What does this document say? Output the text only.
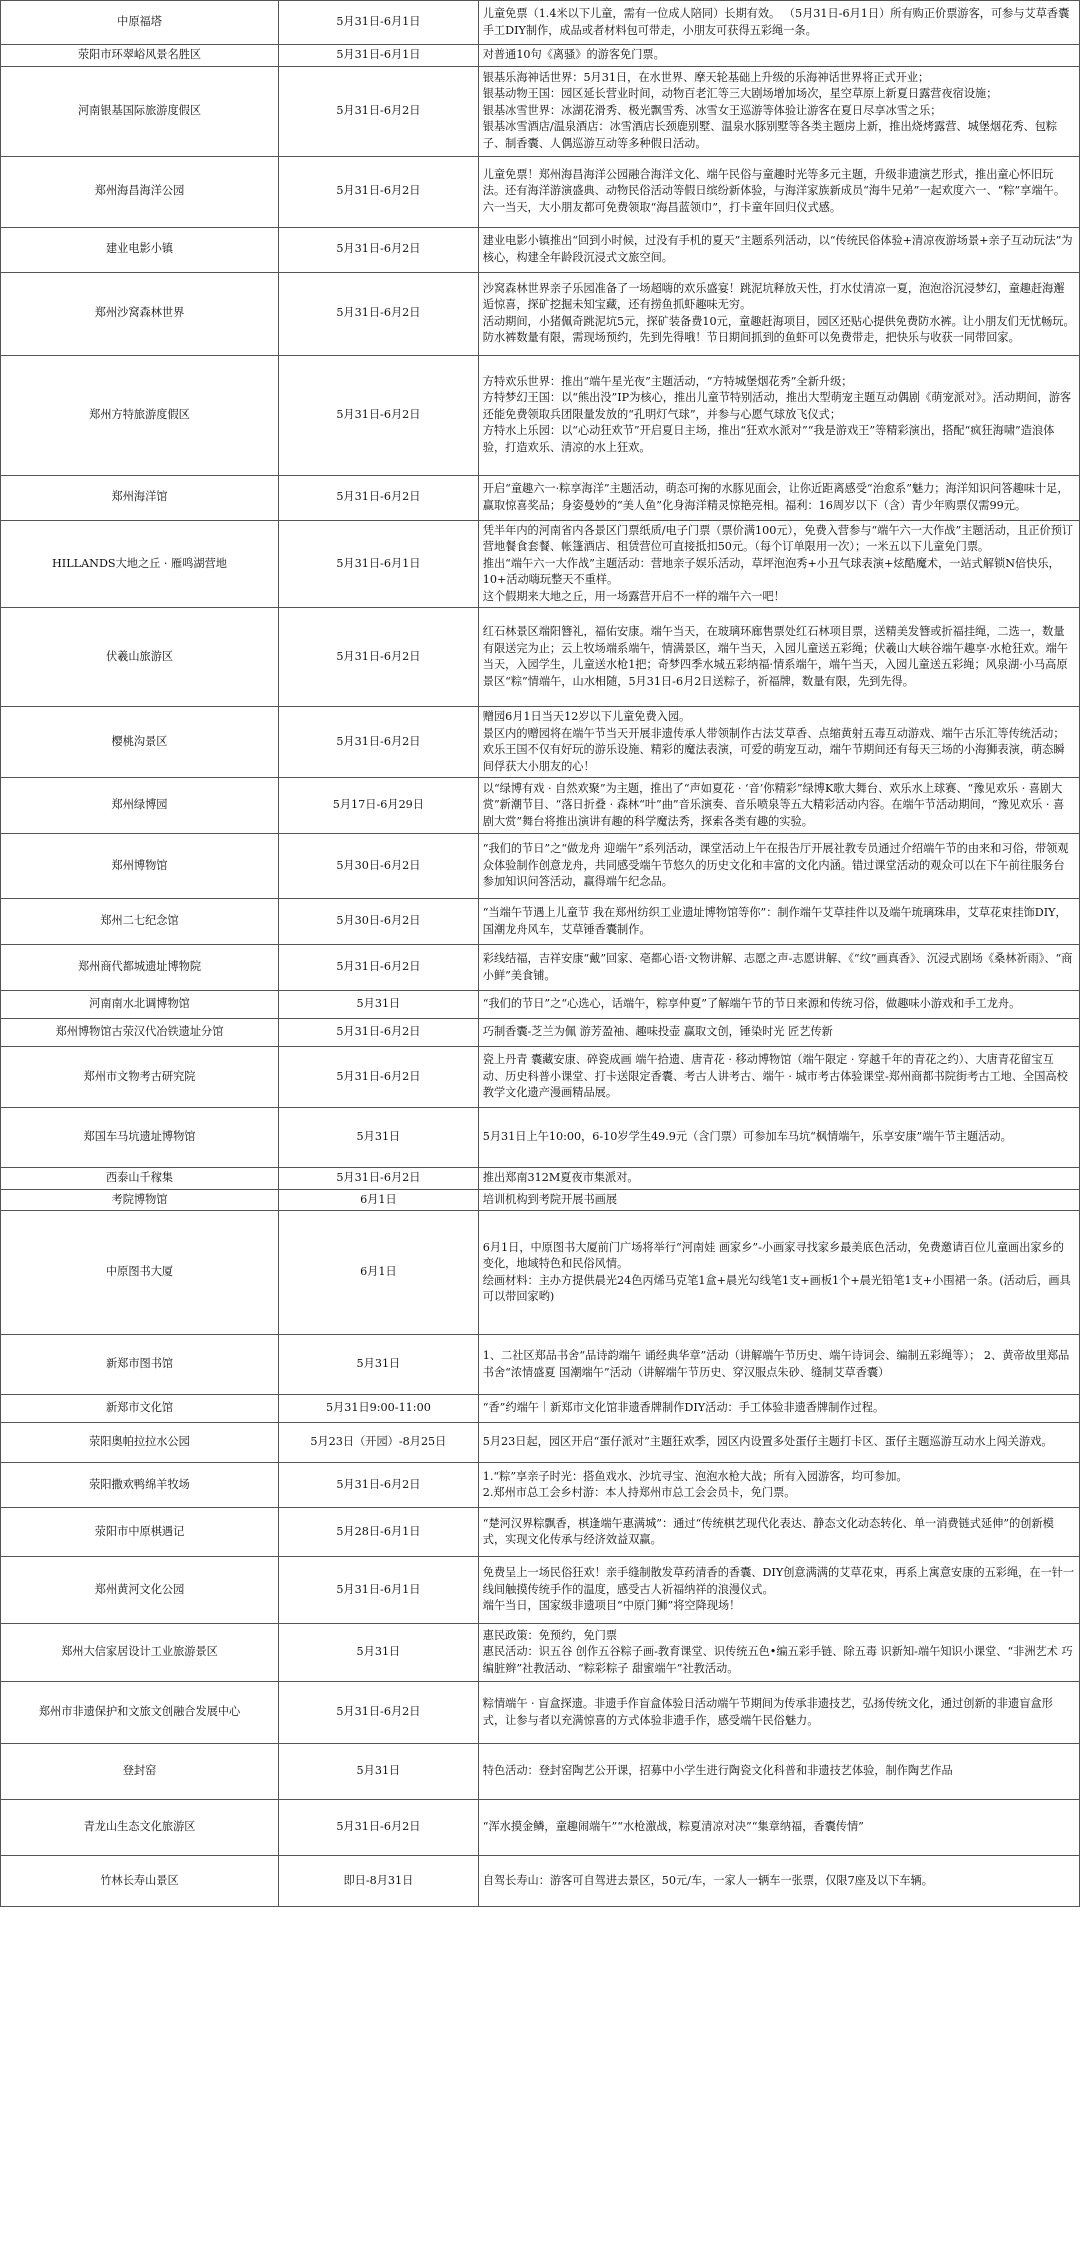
中原福塔	5月31日-6月1日	儿童免票（1.4米以下儿童，需有一位成人陪同）长期有效。 （5月31日-6月1日）所有购正价票游客，可参与艾草香囊手工DIY制作，成品或者材料包可带走，小朋友可获得五彩绳一条。

荥阳市环翠峪风景名胜区	5月31日-6月1日	对普通10句《离骚》的游客免门票。

河南银基国际旅游度假区	5月31日-6月2日	银基乐海神话世界：5月31日，在水世界、摩天轮基础上升级的乐海神话世界将正式开业；
银基动物王国：园区延长营业时间，动物百老汇等三大剧场增加场次，星空草原上新夏日露营夜宿设施；
银基冰雪世界：冰湖花滑秀、极光飘雪秀、冰雪女王巡游等体验让游客在夏日尽享冰雪之乐；
银基冰雪酒店/温泉酒店：冰雪酒店长颈鹿别墅、温泉水豚别墅等各类主题房上新，推出烧烤露营、城堡烟花秀、包粽子、制香囊、人偶巡游互动等多种假日活动。

郑州海昌海洋公园	5月31日-6月2日	儿童免票！郑州海昌海洋公园融合海洋文化、端午民俗与童趣时光等多元主题，升级非遗演艺形式，推出童心怀旧玩法。还有海洋游演盛典、动物民俗活动等假日缤纷新体验，与海洋家族新成员“海牛兄弟”一起欢度六一、“粽”享端午。
六一当天，大小朋友都可免费领取“海昌蓝领巾”，打卡童年回归仪式感。

建业电影小镇	5月31日-6月2日	建业电影小镇推出“回到小时候，过没有手机的夏天”主题系列活动，以“传统民俗体验+清凉夜游场景+亲子互动玩法”为核心，构建全年龄段沉浸式文旅空间。

郑州沙窝森林世界	5月31日-6月2日	沙窝森林世界亲子乐园准备了一场超嗨的欢乐盛宴！跳泥坑释放天性，打水仗清凉一夏，泡泡浴沉浸梦幻，童趣赶海邂逅惊喜，探矿挖掘未知宝藏，还有捞鱼抓虾趣味无穷。
活动期间，小猪佩奇跳泥坑5元，探矿装备费10元，童趣赶海项目，园区还贴心提供免费防水裤。让小朋友们无忧畅玩。防水裤数量有限，需现场预约，先到先得哦！节日期间抓到的鱼虾可以免费带走，把快乐与收获一同带回家。

郑州方特旅游度假区	5月31日-6月2日	方特欢乐世界：推出“端午星光夜”主题活动，“方特城堡烟花秀”全新升级；
方特梦幻王国：以“熊出没”IP为核心，推出儿童节特别活动，推出大型萌宠主题互动偶剧《萌宠派对》。活动期间，游客还能免费领取兵团限量发放的“孔明灯气球”，并参与心愿气球放飞仪式；
方特水上乐园：以“心动狂欢节”开启夏日主场，推出“狂欢水派对”“我是游戏王”等精彩演出，搭配“疯狂海啸”造浪体验，打造欢乐、清凉的水上狂欢。

郑州海洋馆	5月31日-6月2日	开启“童趣六一·粽享海洋”主题活动，萌态可掬的水豚见面会，让你近距离感受“治愈系”魅力；海洋知识问答趣味十足，赢取惊喜奖品；身姿曼妙的“美人鱼”化身海洋精灵惊艳亮相。福利：16周岁以下（含）青少年购票仅需99元。

HILLANDS大地之丘 · 雁鸣湖营地	5月31日-6月1日	凭半年内的河南省内各景区门票纸质/电子门票（票价满100元），免费入营参与“端午六一大作战”主题活动，且正价预订营地餐食套餐、帐篷酒店、租赁营位可直接抵扣50元。（每个订单限用一次）；一米五以下儿童免门票。
推出“端午六一大作战”主题活动：营地亲子娱乐活动，草坪泡泡秀+小丑气球表演+炫酷魔术，一站式解锁N倍快乐，10+活动嗨玩整天不重样。
这个假期来大地之丘，用一场露营开启不一样的端午六一吧！

伏羲山旅游区	5月31日-6月2日	红石林景区端阳簪礼，福佑安康。端午当天，在玻璃环廊售票处红石林项目票，送精美发簪或折福挂绳，二选一，数量有限送完为止；云上牧场端系端午，情满景区，端午当天，入园儿童送五彩绳；伏羲山大峡谷端午趣享·水枪狂欢。端午当天，入园学生，儿童送水枪1把；奇梦四季水城五彩纳福·情系端午，端午当天，入园儿童送五彩绳；风泉湖·小马高原景区“粽”情端午，山水相随，5月31日-6月2日送粽子，祈福牌，数量有限，先到先得。

樱桃沟景区	5月31日-6月2日	赠园6月1日当天12岁以下儿童免费入园。
景区内的赠园将在端午节当天开展非遗传承人带领制作古法艾草香、点缩黄射五毒互动游戏、端午古乐汇等传统活动；欢乐王国不仅有好玩的游乐设施、精彩的魔法表演，可爱的萌宠互动，端午节期间还有每天三场的小海狮表演，萌态瞬间俘获大小朋友的心！

郑州绿博园	5月17日-6月29日	以“绿博有戏 · 自然欢聚”为主题，推出了“声如夏花 · ‘音’你精彩”绿博K歌大舞台、欢乐水上球赛、“豫见欢乐 · 喜剧大赏”新潮节目、“落日折叠 · 森林“叶”曲”音乐演奏、音乐喷泉等五大精彩活动内容。在端午节活动期间，“豫见欢乐 · 喜剧大赏”舞台将推出演讲有趣的科学魔法秀，探索各类有趣的实验。

郑州博物馆	5月30日-6月2日	“我们的节日”之“做龙舟 迎端午”系列活动，课堂活动上午在报告厅开展社教专员通过介绍端午节的由来和习俗，带领观众体验制作创意龙舟，共同感受端午节悠久的历史文化和丰富的文化内涵。错过课堂活动的观众可以在下午前往服务台参加知识问答活动，赢得端午纪念品。

郑州二七纪念馆	5月30日-6月2日	“当端午节遇上儿童节 我在郑州纺织工业遗址博物馆等你”：制作端午艾草挂件以及端午琉璃珠串，艾草花束挂饰DIY，国潮龙舟风车，艾草锤香囊制作。

郑州商代都城遗址博物院	5月31日-6月2日	彩线结福，吉祥安康“戴”回家、亳都心语·文物讲解、志愿之声-志愿讲解、《“纹”画真香》、沉浸式剧场《桑林祈雨》、“商小鲜”美食铺。

河南南水北调博物馆	5月31日	“我们的节日”之“心选心，话端午，粽享仲夏”了解端午节的节日来源和传统习俗，做趣味小游戏和手工龙舟。

郑州博物馆古荥汉代冶铁遗址分馆	5月31日-6月2日	巧制香囊-芝兰为佩 游芳盈袖、趣味投壶 赢取文创，锤染时光 匠艺传新

郑州市文物考古研究院	5月31日-6月2日	瓷上丹青 囊藏安康、碎瓷成画 端午拾遗、唐青花 · 移动博物馆（端午限定 · 穿越千年的青花之约）、大唐青花留宝互动、历史科普小课堂、打卡送限定香囊、考古人讲考古、端午 · 城市考古体验课堂-郑州商都书院街考古工地、全国高校教学文化遗产漫画精品展。

郑国车马坑遗址博物馆	5月31日	5月31日上午10:00，6-10岁学生49.9元（含门票）可参加车马坑“枫情端午，乐享安康”端午节主题活动。

西泰山千稼集	5月31日-6月2日	推出郑南312M夏夜市集派对。

考院博物馆	6月1日	培训机构到考院开展书画展

中原图书大厦	6月1日	6月1日，中原图书大厦前门广场将举行“河南娃 画家乡”-小画家寻找家乡最美底色活动，免费邀请百位儿童画出家乡的变化，地域特色和民俗风情。
绘画材料：主办方提供晨光24色丙烯马克笔1盒+晨光勾线笔1支+画板1个+晨光铅笔1支+小围裙一条。(活动后，画具可以带回家哟)

新郑市图书馆	5月31日	1、二社区郑品书舍“品诗韵端午 诵经典华章”活动（讲解端午节历史、端午诗词会、编制五彩绳等）； 2、黄帝故里郑品书舍“浓情盛夏 国潮端午”活动（讲解端午节历史、穿汉服点朱砂、缝制艾草香囊）

新郑市文化馆	5月31日9:00-11:00	“香”约端午｜新郑市文化馆非遗香牌制作DIY活动：手工体验非遗香牌制作过程。

荥阳奥帕拉拉水公园	5月23日（开园）-8月25日	5月23日起，园区开启“蛋仔派对”主题狂欢季，园区内设置多处蛋仔主题打卡区、蛋仔主题巡游互动水上闯关游戏。

荥阳撒欢鸭绵羊牧场	5月31日-6月2日	1.“粽”享亲子时光：搭鱼戏水、沙坑寻宝、泡泡水枪大战；所有入园游客，均可参加。
2.郑州市总工会乡村游：本人持郑州市总工会会员卡，免门票。

荥阳市中原棋遇记	5月28日-6月1日	“楚河汉界粽飘香，棋逢端午惠满城”：通过“传统棋艺现代化表达、静态文化动态转化、单一消费链式延伸”的创新模式，实现文化传承与经济效益双赢。

郑州黄河文化公园	5月31日-6月1日	免费呈上一场民俗狂欢！亲手缝制散发草药清香的香囊、DIY创意满满的艾草花束，再系上寓意安康的五彩绳，在一针一线间触摸传统手作的温度，感受古人祈福纳祥的浪漫仪式。
端午当日，国家级非遗项目“中原门狮”将空降现场！

郑州大信家居设计工业旅游景区	5月31日	惠民政策：免预约，免门票
惠民活动：识五谷 创作五谷粽子画-教育课堂、识传统五色•编五彩手链、除五毒 识新知-端午知识小课堂、“非洲艺术 巧编脏辫”社教活动、“粽彩粽子 甜蜜端午”社教活动。

郑州市非遗保护和文旅文创融合发展中心	5月31日-6月2日	粽情端午 · 盲盒探遗。非遗手作盲盒体验日活动端午节期间为传承非遗技艺，弘扬传统文化，通过创新的非遗盲盒形式，让参与者以充满惊喜的方式体验非遗手作，感受端午民俗魅力。

登封窑	5月31日	特色活动：登封窑陶艺公开课，招募中小学生进行陶瓷文化科普和非遗技艺体验，制作陶艺作品

青龙山生态文化旅游区	5月31日-6月2日	“浑水摸金鳞，童趣闹端午”“水枪激战，粽夏清凉对决”“集章纳福，香囊传情”

竹林长寿山景区	即日-8月31日	自驾长寿山：游客可自驾进去景区，50元/车，一家人一辆车一张票，仅限7座及以下车辆。
